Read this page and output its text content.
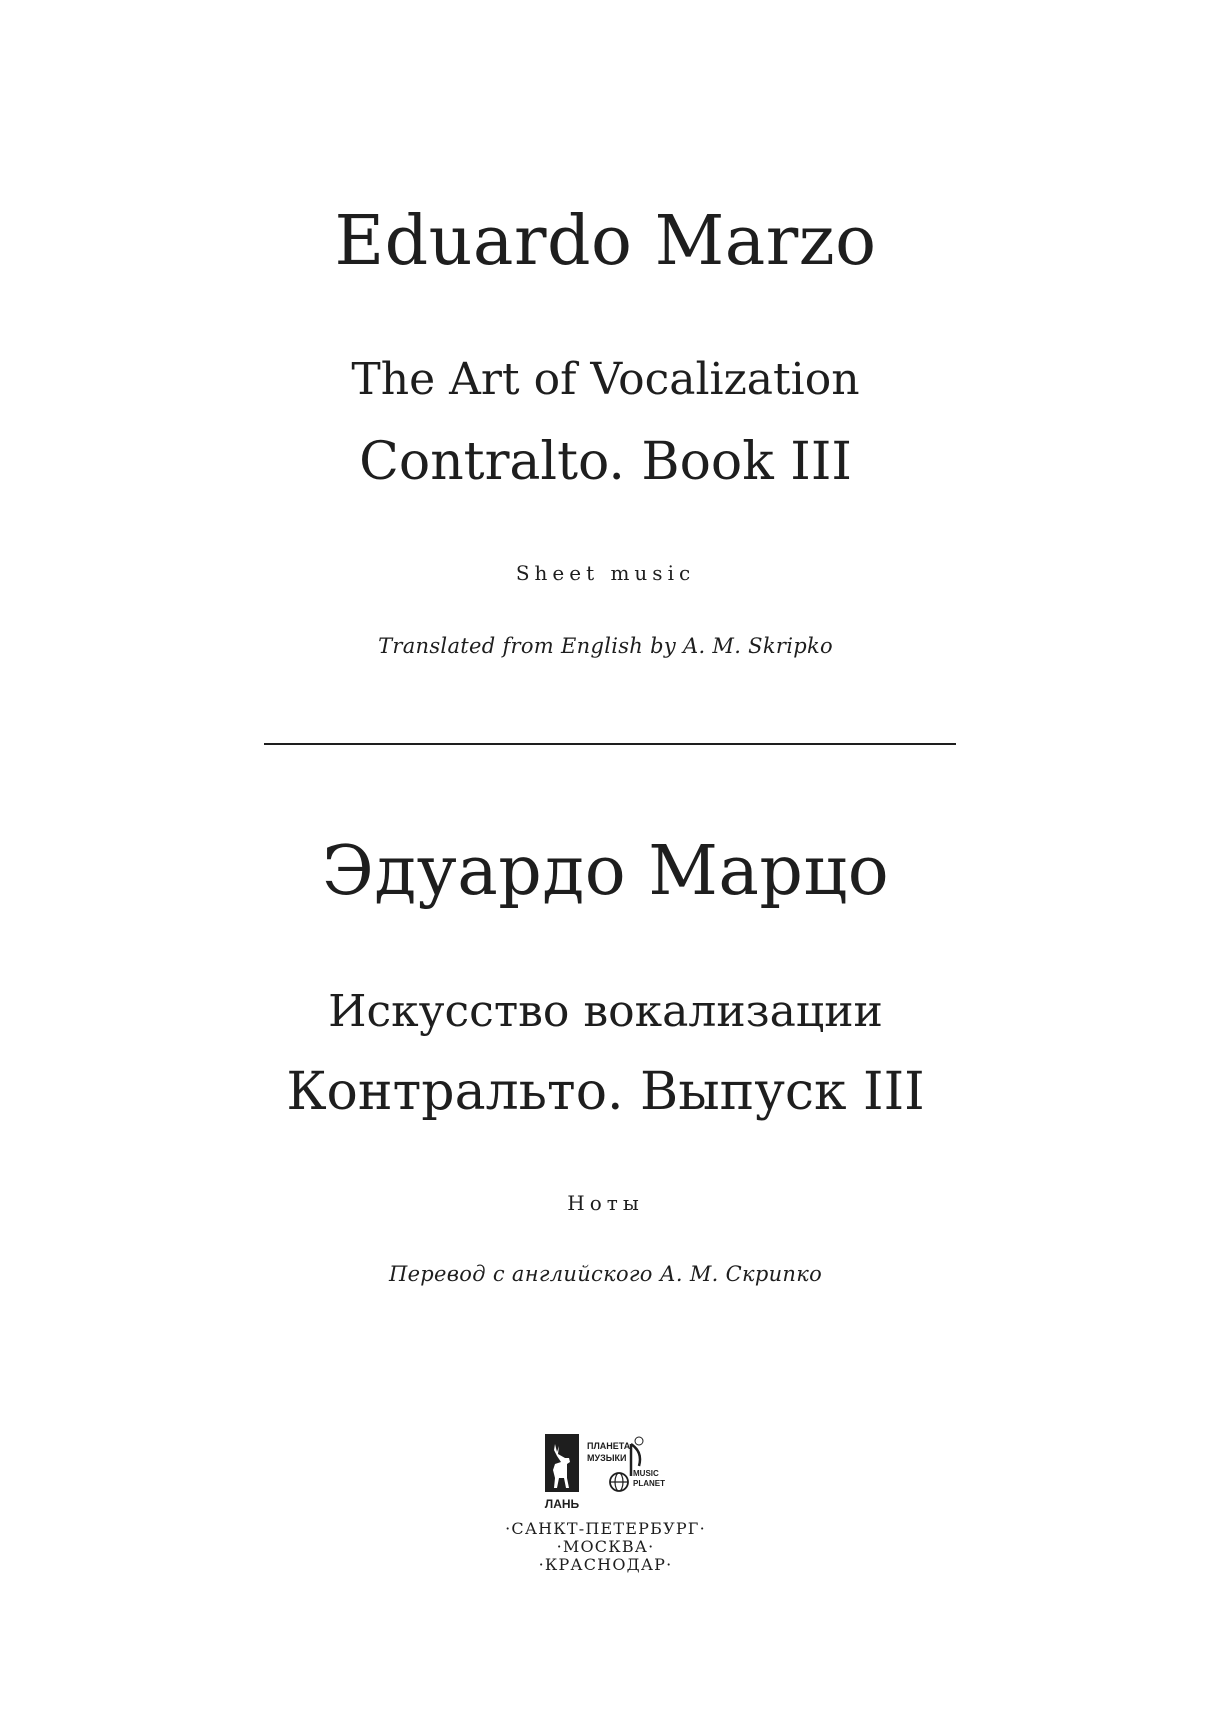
Eduardo Marzo
The Art of Vocalization
Contralto. Book III
Sheet music
Translated from English by A. M. Skripko
Эдуардо Марцо
Искусство вокализации
Контральто. Выпуск III
Ноты
Перевод с английского А. М. Скрипко
ЛАНЬ
ПЛАНЕТА
МУЗЫКИ
MUSIC
PLANET
·САНКТ-ПЕТЕРБУРГ·
·МОСКВА·
·КРАСНОДАР·
